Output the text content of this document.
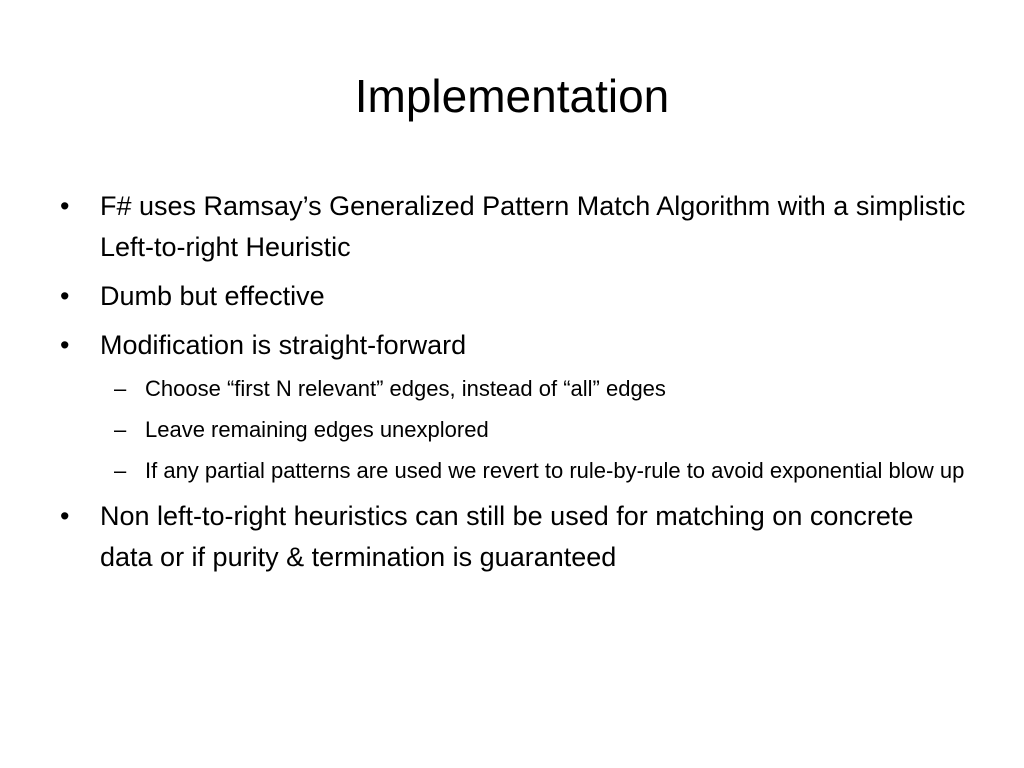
Implementation
• F# uses Ramsay’s Generalized Pattern Match Algorithm with a simplistic Left-to-right Heuristic
• Dumb but effective
• Modification is straight-forward
– Choose “first N relevant” edges, instead of “all” edges
– Leave remaining edges unexplored
– If any partial patterns are used we revert to rule-by-rule to avoid exponential blow up
• Non left-to-right heuristics can still be used for matching on concrete data or if purity & termination is guaranteed
